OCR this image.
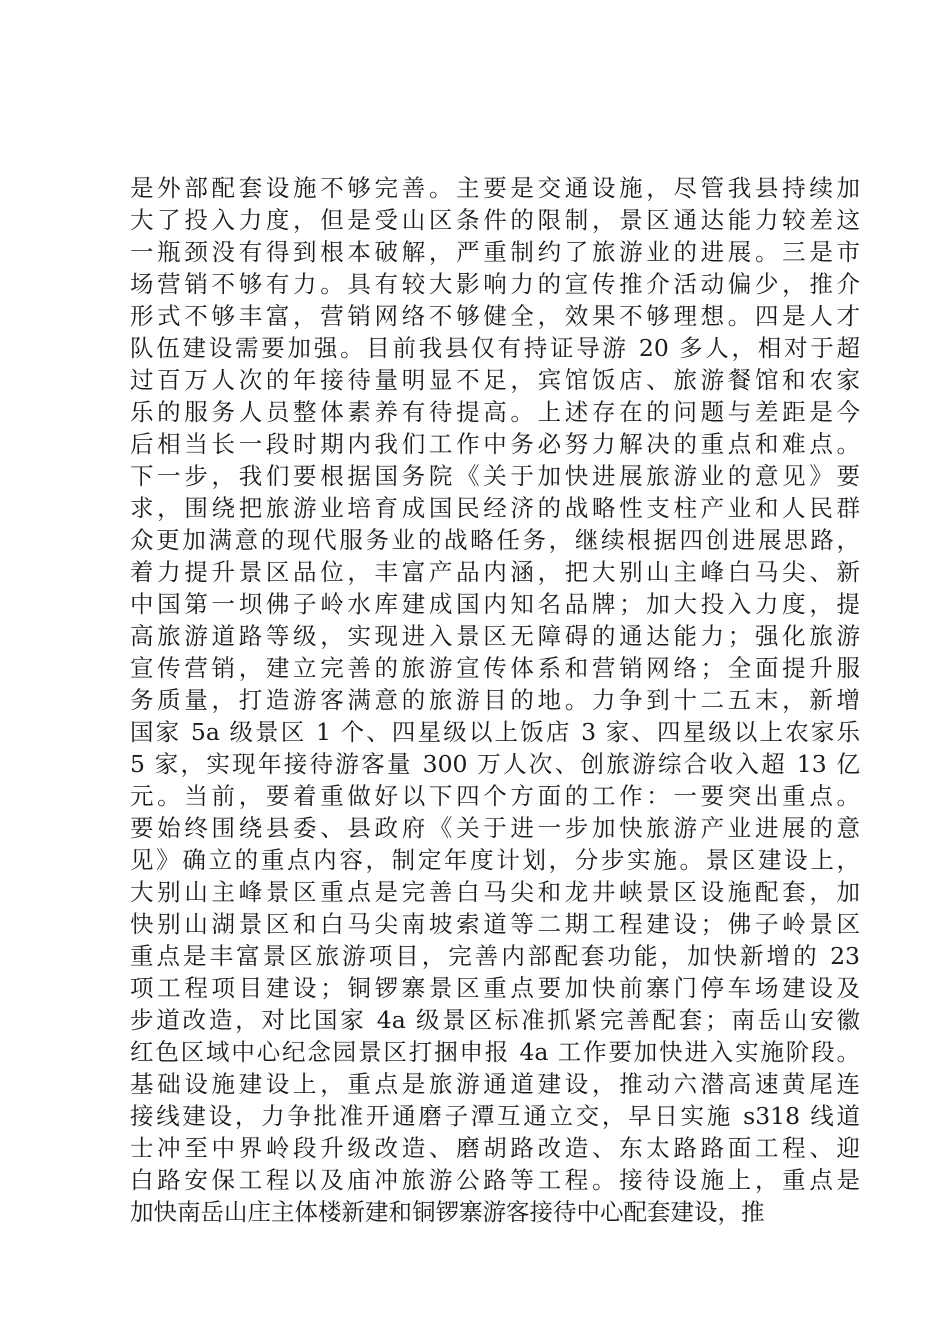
是外部配套设施不够完善。主要是交通设施，尽管我县持续加
大了投入力度，但是受山区条件的限制，景区通达能力较差这
一瓶颈没有得到根本破解，严重制约了旅游业的进展。三是市
场营销不够有力。具有较大影响力的宣传推介活动偏少，推介
形式不够丰富，营销网络不够健全，效果不够理想。四是人才
队伍建设需要加强。目前我县仅有持证导游 20 多人，相对于超
过百万人次的年接待量明显不足，宾馆饭店、旅游餐馆和农家
乐的服务人员整体素养有待提高。上述存在的问题与差距是今
后相当长一段时期内我们工作中务必努力解决的重点和难点。
下一步，我们要根据国务院《关于加快进展旅游业的意见》要
求，围绕把旅游业培育成国民经济的战略性支柱产业和人民群
众更加满意的现代服务业的战略任务，继续根据四创进展思路，
着力提升景区品位，丰富产品内涵，把大别山主峰白马尖、新
中国第一坝佛子岭水库建成国内知名品牌；加大投入力度，提
高旅游道路等级，实现进入景区无障碍的通达能力；强化旅游
宣传营销，建立完善的旅游宣传体系和营销网络；全面提升服
务质量，打造游客满意的旅游目的地。力争到十二五末，新增
国家 5a 级景区 1 个、四星级以上饭店 3 家、四星级以上农家乐
5 家，实现年接待游客量 300 万人次、创旅游综合收入超 13 亿
元。当前，要着重做好以下四个方面的工作：一要突出重点。
要始终围绕县委、县政府《关于进一步加快旅游产业进展的意
见》确立的重点内容，制定年度计划，分步实施。景区建设上，
大别山主峰景区重点是完善白马尖和龙井峡景区设施配套，加
快别山湖景区和白马尖南坡索道等二期工程建设；佛子岭景区
重点是丰富景区旅游项目，完善内部配套功能，加快新增的 23
项工程项目建设；铜锣寨景区重点要加快前寨门停车场建设及
步道改造，对比国家 4a 级景区标准抓紧完善配套；南岳山安徽
红色区域中心纪念园景区打捆申报 4a 工作要加快进入实施阶段。
基础设施建设上，重点是旅游通道建设，推动六潜高速黄尾连
接线建设，力争批准开通磨子潭互通立交，早日实施 s318 线道
士冲至中界岭段升级改造、磨胡路改造、东太路路面工程、迎
白路安保工程以及庙冲旅游公路等工程。接待设施上，重点是
加快南岳山庄主体楼新建和铜锣寨游客接待中心配套建设，推
